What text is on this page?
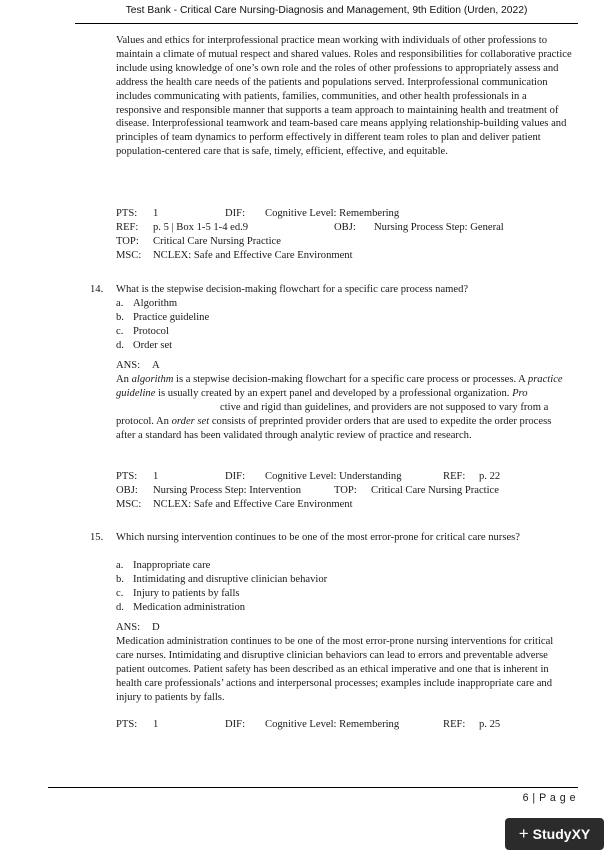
Test Bank - Critical Care Nursing-Diagnosis and Management, 9th Edition (Urden, 2022)
Values and ethics for interprofessional practice mean working with individuals of other professions to maintain a climate of mutual respect and shared values. Roles and responsibilities for collaborative practice include using knowledge of one’s own role and the roles of other professions to appropriately assess and address the health care needs of the patients and populations served. Interprofessional communication includes communicating with patients, families, communities, and other health professionals in a responsive and responsible manner that supports a team approach to maintaining health and treatment of disease. Interprofessional teamwork and team-based care means applying relationship-building values and principles of team dynamics to perform effectively in different team roles to plan and deliver patient population-centered care that is safe, timely, efficient, effective, and equitable.
PTS: 1	DIF: Cognitive Level: Remembering
REF: p. 5 | Box 1-5 1-4 ed.9	OBJ: Nursing Process Step: General
TOP: Critical Care Nursing Practice
MSC: NCLEX: Safe and Effective Care Environment
14. What is the stepwise decision-making flowchart for a specific care process named?
a. Algorithm
b. Practice guideline
c. Protocol
d. Order set
ANS: A
An algorithm is a stepwise decision-making flowchart for a specific care process or processes. A practice guideline is usually created by an expert panel and developed by a professional organization. Proctive and rigid than guidelines, and providers are not supposed to vary from a protocol. An order set consists of preprinted provider orders that are used to expedite the order process after a standard has been validated through analytic review of practice and research.
PTS: 1	DIF: Cognitive Level: Understanding	REF: p. 22
OBJ: Nursing Process Step: Intervention	TOP: Critical Care Nursing Practice
MSC: NCLEX: Safe and Effective Care Environment
15. Which nursing intervention continues to be one of the most error-prone for critical care nurses?
a. Inappropriate care
b. Intimidating and disruptive clinician behavior
c. Injury to patients by falls
d. Medication administration
ANS: D
Medication administration continues to be one of the most error-prone nursing interventions for critical care nurses. Intimidating and disruptive clinician behaviors can lead to errors and preventable adverse patient outcomes. Patient safety has been described as an ethical imperative and one that is inherent in health care professionals’ actions and interpersonal processes; examples include inappropriate care and injury to patients by falls.
PTS: 1	DIF: Cognitive Level: Remembering	REF: p. 25
6 | P a g e
+ Study XY
